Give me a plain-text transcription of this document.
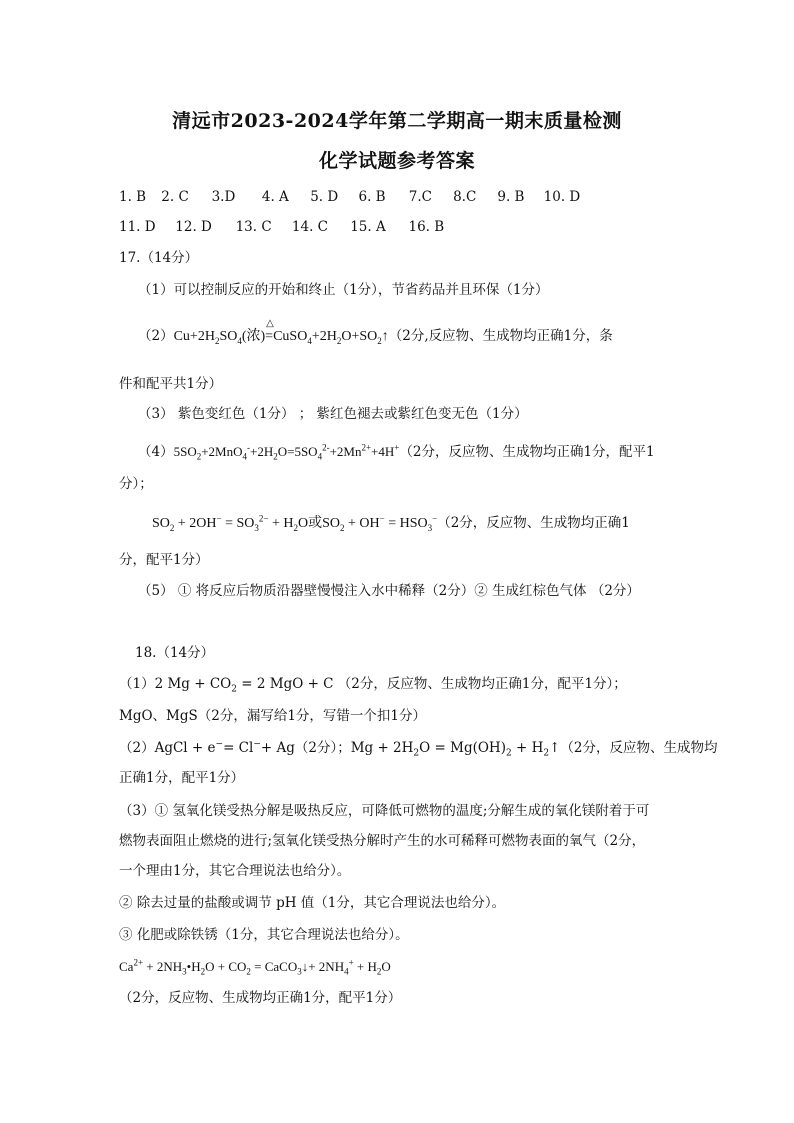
清远市2023-2024学年第二学期高一期末质量检测
化学试题参考答案
1. B 2. C 3.D 4. A 5. D 6. B 7.C 8.C 9. B 10. D
11. D 12. D 13. C 14. C 15. A 16. B
17.（14分）
（1）可以控制反应的开始和终止（1分），节省药品并且环保（1分）
$(2)Cu+2H_2SO_4$(浓)
△
$=CuSO_4+2H_2O+SO_2↑(2$分,反应物、生成物均正确1分，条
件和配平共1分）
（3） 紫色变红色（1分） ； 紫红色褪去或紫红色变无色（1分）
$(4)5SO_2+2MnO_4^-+2H_2O=5SO_4^{2-}+2Mn^{2+}+4H^+(2$分，反应物、生成物均正确1分，配平1
分）；
$SO_2 + 2OH^- = SO_3^{2-} + H_2O$或$SO_2 + OH^- = HSO_3^-(2$分，反应物、生成物均正确1
分，配平1分）
（5） ① 将反应后物质沿器壁慢慢注入水中稀释（2分）② 生成红棕色气体 （2分）
18.（14分）
（1）2 $Mg + CO_2 = 2$ MgO + C （2分，反应物、生成物均正确1分，配平1分）；
MgO、MgS（2分，漏写给1分，写错一个扣1分）
（2）AgCl + e−= Cl−+ Ag（2分）；$Mg + 2H_2O = Mg(OH)_2$ + $H_2↑(2$分，反应物、生成物均
正确1分，配平1分）
（3）① 氢氧化镁受热分解是吸热反应，可降低可燃物的温度;分解生成的氧化镁附着于可
燃物表面阻止燃烧的进行;氢氧化镁受热分解时产生的水可稀释可燃物表面的氧气（2分，
一个理由1分，其它合理说法也给分）。
② 除去过量的盐酸或调节 pH 值（1分，其它合理说法也给分）。
③ 化肥或除铁锈（1分，其它合理说法也给分）。
$Ca^{2+}$ + $2NH_3•H_2O + CO_2$ = CaCO$_3$↓+ $2NH_4^+ + H_2O$
（2分，反应物、生成物均正确1分，配平1分）
